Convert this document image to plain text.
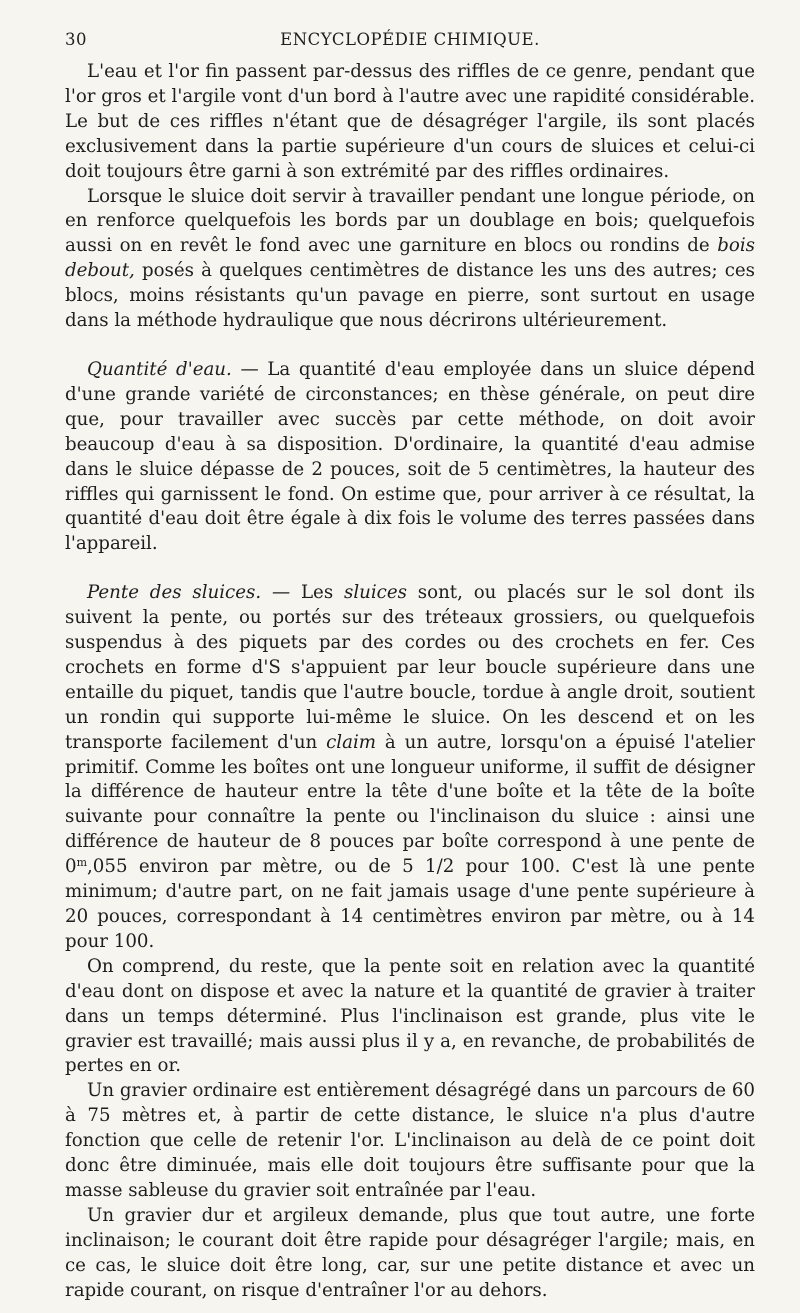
30	ENCYCLOPÉDIE CHIMIQUE.

L'eau et l'or fin passent par-dessus des riffles de ce genre, pendant que l'or gros et l'argile vont d'un bord à l'autre avec une rapidité considérable. Le but de ces riffles n'étant que de désagréger l'argile, ils sont placés exclusivement dans la partie supérieure d'un cours de sluices et celui-ci doit toujours être garni à son extrémité par des riffles ordinaires.

Lorsque le sluice doit servir à travailler pendant une longue période, on en renforce quelquefois les bords par un doublage en bois; quelquefois aussi on en revêt le fond avec une garniture en blocs ou rondins de bois debout, posés à quelques centimètres de distance les uns des autres; ces blocs, moins résistants qu'un pavage en pierre, sont surtout en usage dans la méthode hydraulique que nous décrirons ultérieurement.

Quantité d'eau. — La quantité d'eau employée dans un sluice dépend d'une grande variété de circonstances; en thèse générale, on peut dire que, pour travailler avec succès par cette méthode, on doit avoir beaucoup d'eau à sa disposition. D'ordinaire, la quantité d'eau admise dans le sluice dépasse de 2 pouces, soit de 5 centimètres, la hauteur des riffles qui garnissent le fond. On estime que, pour arriver à ce résultat, la quantité d'eau doit être égale à dix fois le volume des terres passées dans l'appareil.

Pente des sluices. — Les sluices sont, ou placés sur le sol dont ils suivent la pente, ou portés sur des tréteaux grossiers, ou quelquefois suspendus à des piquets par des cordes ou des crochets en fer. Ces crochets en forme d'S s'appuient par leur boucle supérieure dans une entaille du piquet, tandis que l'autre boucle, tordue à angle droit, soutient un rondin qui supporte lui-même le sluice. On les descend et on les transporte facilement d'un claim à un autre, lorsqu'on a épuisé l'atelier primitif. Comme les boîtes ont une longueur uniforme, il suffit de désigner la différence de hauteur entre la tête d'une boîte et la tête de la boîte suivante pour connaître la pente ou l'inclinaison du sluice : ainsi une différence de hauteur de 8 pouces par boîte correspond à une pente de 0$^m$,055 environ par mètre, ou de 5 1/2 pour 100. C'est là une pente minimum; d'autre part, on ne fait jamais usage d'une pente supérieure à 20 pouces, correspondant à 14 centimètres environ par mètre, ou à 14 pour 100.

On comprend, du reste, que la pente soit en relation avec la quantité d'eau dont on dispose et avec la nature et la quantité de gravier à traiter dans un temps déterminé. Plus l'inclinaison est grande, plus vite le gravier est travaillé; mais aussi plus il y a, en revanche, de probabilités de pertes en or.

Un gravier ordinaire est entièrement désagrégé dans un parcours de 60 à 75 mètres et, à partir de cette distance, le sluice n'a plus d'autre fonction que celle de retenir l'or. L'inclinaison au delà de ce point doit donc être diminuée, mais elle doit toujours être suffisante pour que la masse sableuse du gravier soit entraînée par l'eau.

Un gravier dur et argileux demande, plus que tout autre, une forte inclinaison; le courant doit être rapide pour désagréger l'argile; mais, en ce cas, le sluice doit être long, car, sur une petite distance et avec un rapide courant, on risque d'entraîner l'or au dehors.
